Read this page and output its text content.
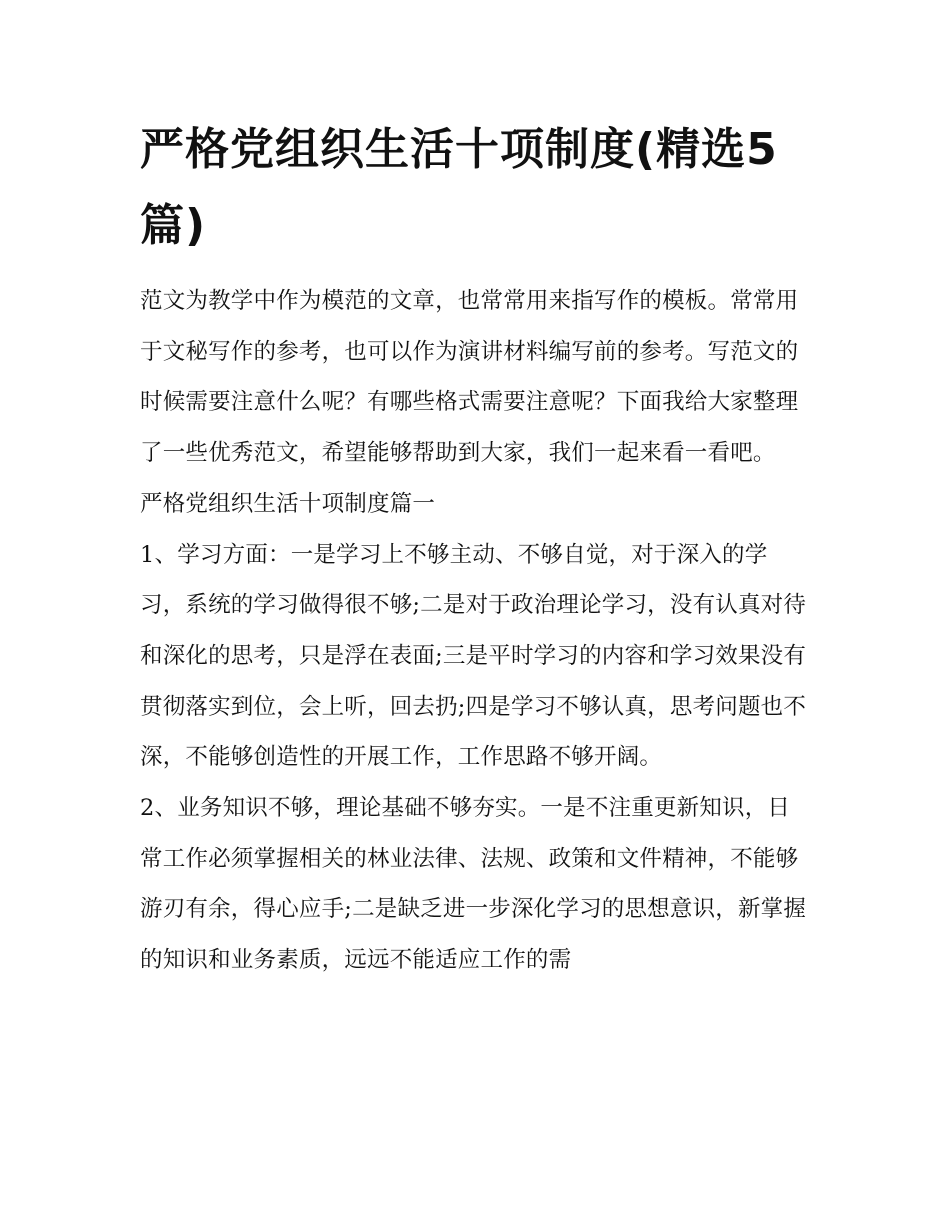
严格党组织生活十项制度(精选5篇)

范文为教学中作为模范的文章，也常常用来指写作的模板。常常用于文秘写作的参考，也可以作为演讲材料编写前的参考。写范文的时候需要注意什么呢？有哪些格式需要注意呢？下面我给大家整理了一些优秀范文，希望能够帮助到大家，我们一起来看一看吧。

严格党组织生活十项制度篇一

1、学习方面：一是学习上不够主动、不够自觉，对于深入的学习，系统的学习做得很不够;二是对于政治理论学习，没有认真对待和深化的思考，只是浮在表面;三是平时学习的内容和学习效果没有贯彻落实到位，会上听，回去扔;四是学习不够认真，思考问题也不深，不能够创造性的开展工作，工作思路不够开阔。

2、业务知识不够，理论基础不够夯实。一是不注重更新知识，日常工作必须掌握相关的林业法律、法规、政策和文件精神，不能够游刃有余，得心应手;二是缺乏进一步深化学习的思想意识，新掌握的知识和业务素质，远远不能适应工作的需
